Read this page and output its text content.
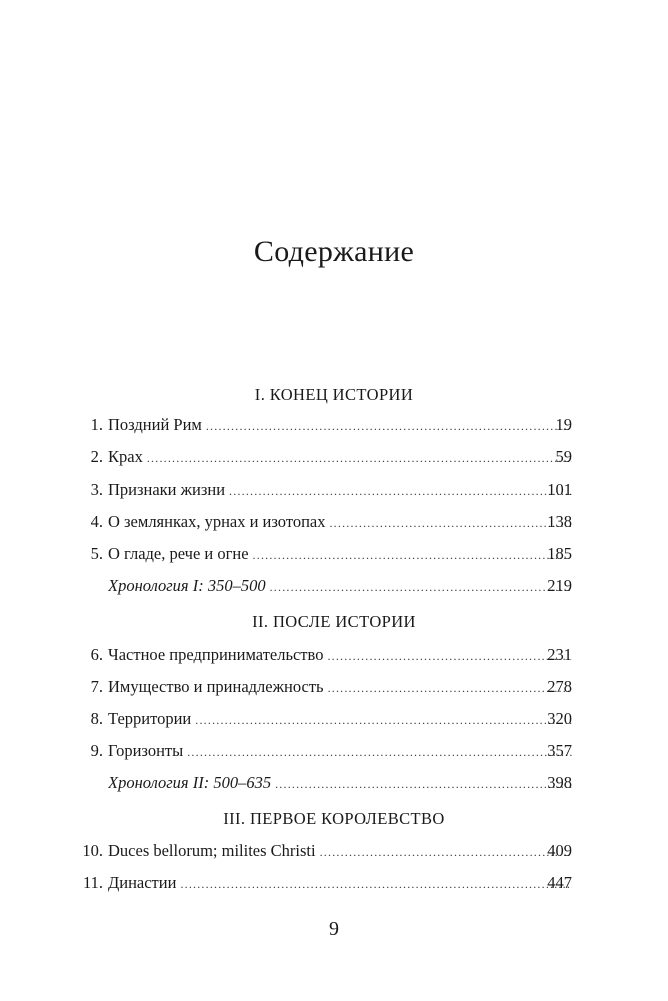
Содержание
I. КОНЕЦ ИСТОРИИ
1. Поздний Рим .....	19
2. Крах .....	59
3. Признаки жизни .....	101
4. О землянках, урнах и изотопах .....	138
5. О гладе, рече и огне .....	185
Хронология I: 350–500 .....	219
II. ПОСЛЕ ИСТОРИИ
6. Частное предпринимательство .....	231
7. Имущество и принадлежность .....	278
8. Территории .....	320
9. Горизонты .....	357
Хронология II: 500–635 .....	398
III. ПЕРВОЕ КОРОЛЕВСТВО
10. Duces bellorum; milites Christi .....	409
11. Династии .....	447
9
